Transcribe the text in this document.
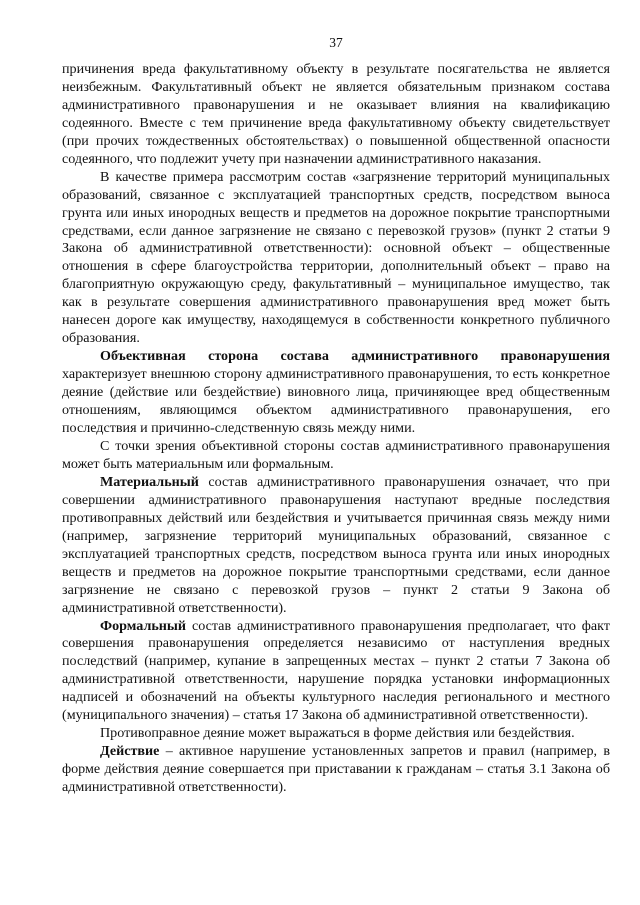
37

причинения вреда факультативному объекту в результате посягательства не является неизбежным. Факультативный объект не является обязательным признаком состава административного правонарушения и не оказывает влияния на квалификацию содеянного. Вместе с тем причинение вреда факультативному объекту свидетельствует (при прочих тождественных обстоятельствах) о повышенной общественной опасности содеянного, что подлежит учету при назначении административного наказания.

В качестве примера рассмотрим состав «загрязнение территорий муниципальных образований, связанное с эксплуатацией транспортных средств, посредством выноса грунта или иных инородных веществ и предметов на дорожное покрытие транспортными средствами, если данное загрязнение не связано с перевозкой грузов» (пункт 2 статьи 9 Закона об административной ответственности): основной объект – общественные отношения в сфере благоустройства территории, дополнительный объект – право на благоприятную окружающую среду, факультативный – муниципальное имущество, так как в результате совершения административного правонарушения вред может быть нанесен дороге как имуществу, находящемуся в собственности конкретного публичного образования.

Объективная сторона состава административного правонарушения характеризует внешнюю сторону административного правонарушения, то есть конкретное деяние (действие или бездействие) виновного лица, причиняющее вред общественным отношениям, являющимся объектом административного правонарушения, его последствия и причинно-следственную связь между ними.

С точки зрения объективной стороны состав административного правонарушения может быть материальным или формальным.

Материальный состав административного правонарушения означает, что при совершении административного правонарушения наступают вредные последствия противоправных действий или бездействия и учитывается причинная связь между ними (например, загрязнение территорий муниципальных образований, связанное с эксплуатацией транспортных средств, посредством выноса грунта или иных инородных веществ и предметов на дорожное покрытие транспортными средствами, если данное загрязнение не связано с перевозкой грузов – пункт 2 статьи 9 Закона об административной ответственности).

Формальный состав административного правонарушения предполагает, что факт совершения правонарушения определяется независимо от наступления вредных последствий (например, купание в запрещенных местах – пункт 2 статьи 7 Закона об административной ответственности, нарушение порядка установки информационных надписей и обозначений на объекты культурного наследия регионального и местного (муниципального значения) – статья 17 Закона об административной ответственности).

Противоправное деяние может выражаться в форме действия или бездействия.

Действие – активное нарушение установленных запретов и правил (например, в форме действия деяние совершается при приставании к гражданам – статья 3.1 Закона об административной ответственности).
